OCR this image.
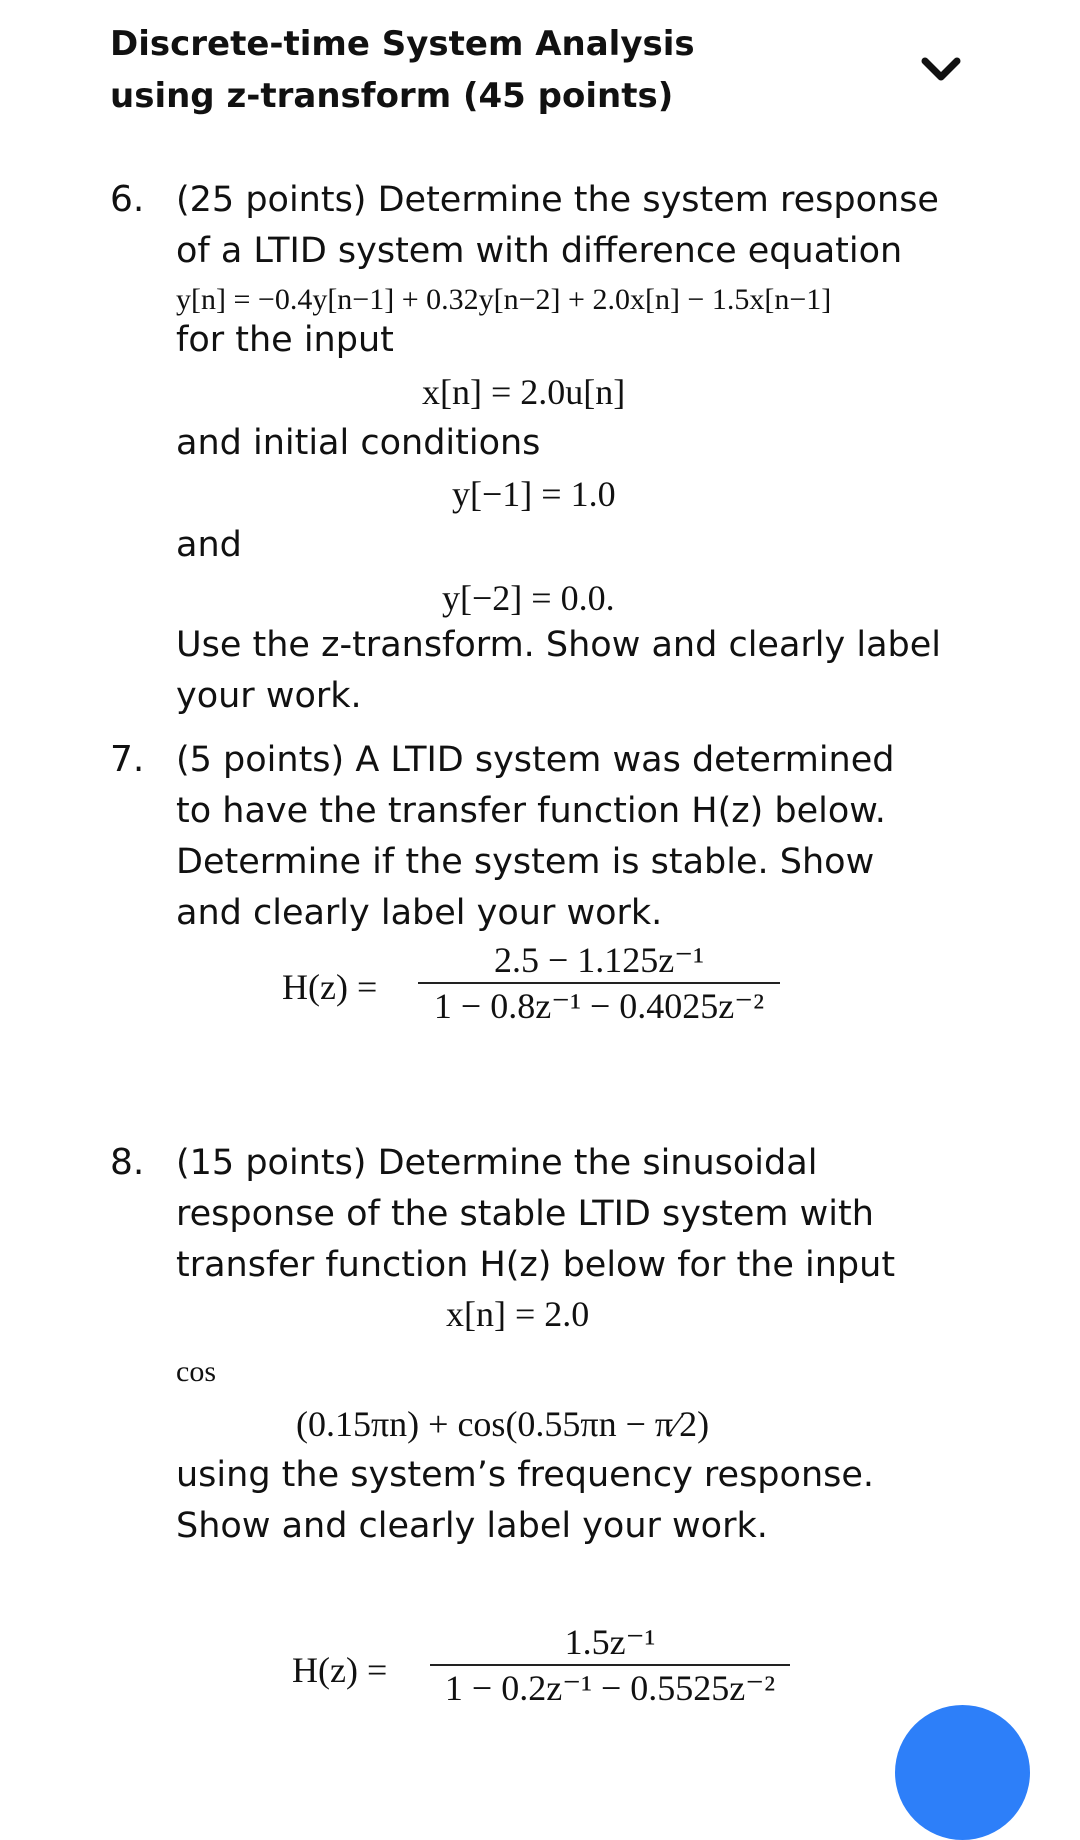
Discrete-time System Analysis using z-transform (45 points)
6. (25 points) Determine the system response of a LTID system with difference equation
y[n] = −0.4y[n−1] + 0.32y[n−2] + 2.0x[n] − 1.5x[n−1]
for the input
x[n] = 2.0u[n]
and initial conditions
y[−1] = 1.0
and
y[−2] = 0.0.
Use the z-transform. Show and clearly label your work.
7. (5 points) A LTID system was determined to have the transfer function H(z) below. Determine if the system is stable. Show and clearly label your work.
H(z) =
2.5 − 1.125z⁻¹
1 − 0.8z⁻¹ − 0.4025z⁻²
8. (15 points) Determine the sinusoidal response of the stable LTID system with transfer function H(z) below for the input
x[n] = 2.0
cos
(0.15πn) + cos(0.55πn − π⁄2)
using the system’s frequency response. Show and clearly label your work.
H(z) =
1.5z⁻¹
1 − 0.2z⁻¹ − 0.5525z⁻²
